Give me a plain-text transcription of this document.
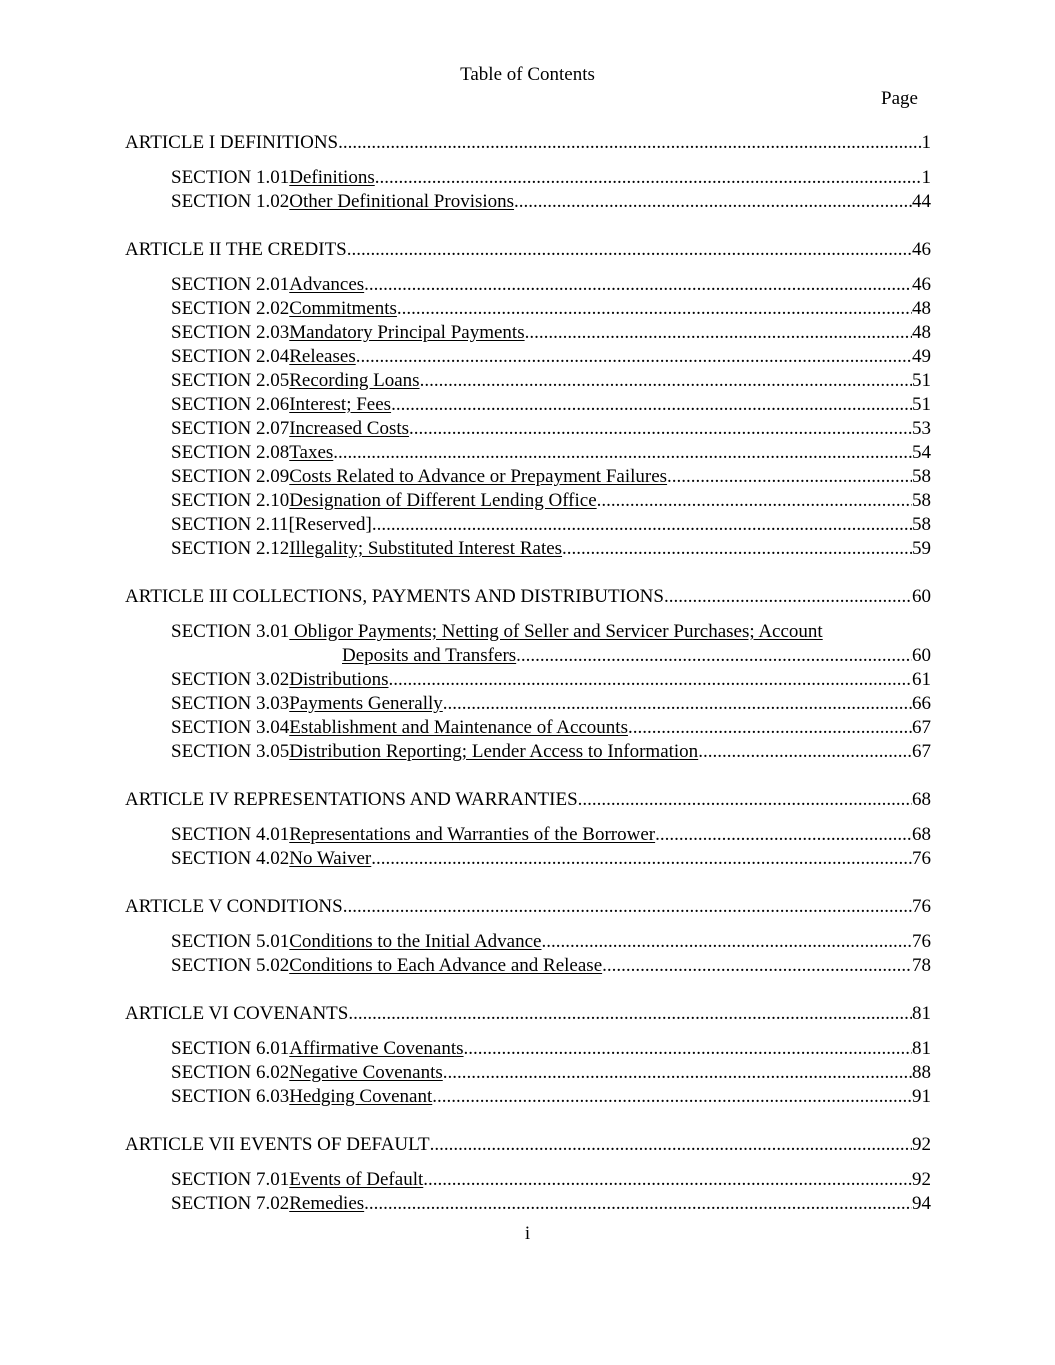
Table of Contents
Page
ARTICLE I DEFINITIONS .....	1
SECTION 1.01 Definitions .....	1
SECTION 1.02 Other Definitional Provisions . .....	44
ARTICLE II THE CREDITS .....	46
SECTION 2.01 Advances . .....	46
SECTION 2.02 Commitments .....	48
SECTION 2.03 Mandatory Principal Payments . .....	48
SECTION 2.04 Releases . .....	49
SECTION 2.05 Recording Loans .....	51
SECTION 2.06 Interest; Fees . .....	51
SECTION 2.07 Increased Costs . .....	53
SECTION 2.08 Taxes . .....	54
SECTION 2.09 Costs Related to Advance or Prepayment Failures .....	58
SECTION 2.10 Designation of Different Lending Office .....	58
SECTION 2.11 [Reserved]. .....	58
SECTION 2.12 Illegality; Substituted Interest Rates .....	59
ARTICLE III COLLECTIONS, PAYMENTS AND DISTRIBUTIONS .....	60
SECTION 3.01 Obligor Payments; Netting of Seller and Servicer Purchases; Account
Deposits and Transfers . .....	60
SECTION 3.02 Distributions . .....	61
SECTION 3.03 Payments Generally . .....	66
SECTION 3.04 Establishment and Maintenance of Accounts . .....	67
SECTION 3.05 Distribution Reporting; Lender Access to Information . .....	67
ARTICLE IV REPRESENTATIONS AND WARRANTIES .....	68
SECTION 4.01 Representations and Warranties of the Borrower .....	68
SECTION 4.02 No Waiver .....	76
ARTICLE V CONDITIONS .....	76
SECTION 5.01 Conditions to the Initial Advance .....	76
SECTION 5.02 Conditions to Each Advance and Release .....	78
ARTICLE VI COVENANTS .....	81
SECTION 6.01 Affirmative Covenants .....	81
SECTION 6.02 Negative Covenants . .....	88
SECTION 6.03 Hedging Covenant .....	91
ARTICLE VII EVENTS OF DEFAULT .....	92
SECTION 7.01 Events of Default . .....	92
SECTION 7.02 Remedies .....	94
i
